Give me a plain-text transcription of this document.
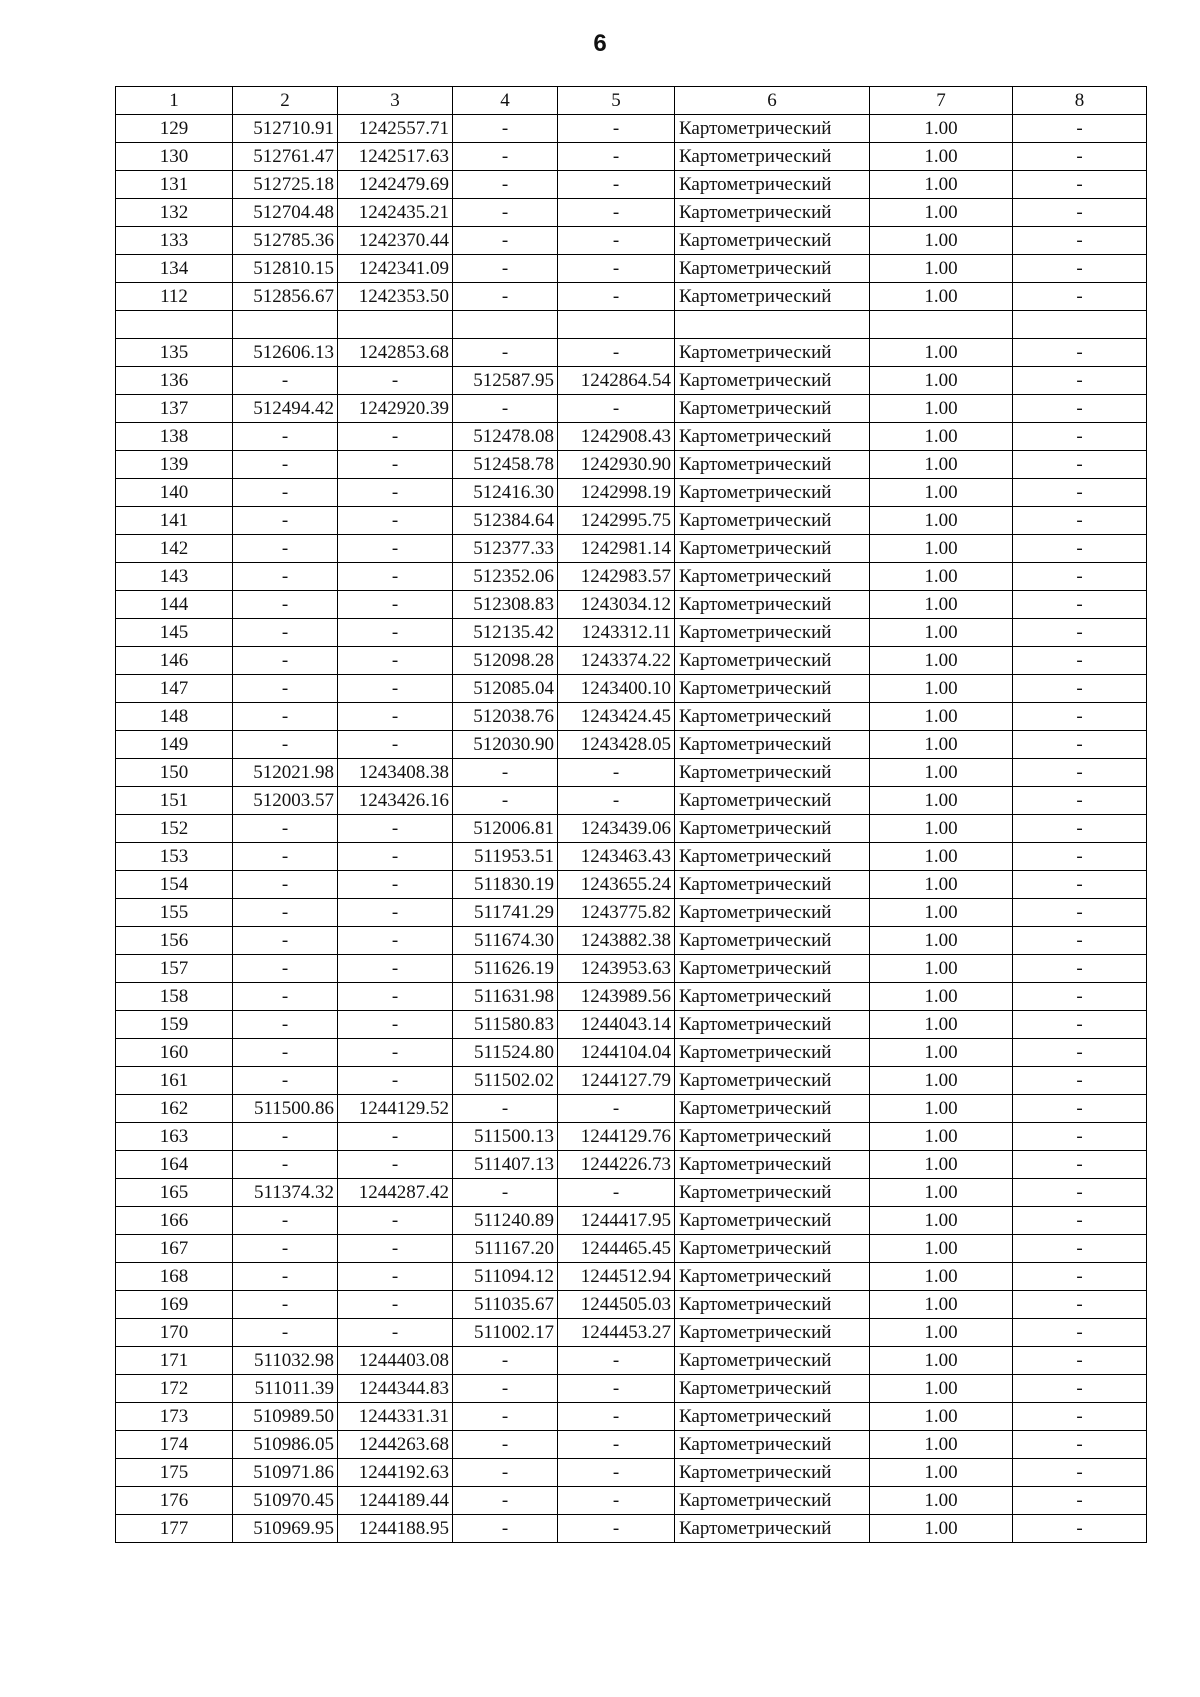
6
1	2	3	4	5	6	7	8
129	512710.91	1242557.71	-	-	Картометрический	1.00	-
130	512761.47	1242517.63	-	-	Картометрический	1.00	-
131	512725.18	1242479.69	-	-	Картометрический	1.00	-
132	512704.48	1242435.21	-	-	Картометрический	1.00	-
133	512785.36	1242370.44	-	-	Картометрический	1.00	-
134	512810.15	1242341.09	-	-	Картометрический	1.00	-
112	512856.67	1242353.50	-	-	Картометрический	1.00	-

135	512606.13	1242853.68	-	-	Картометрический	1.00	-
136	-	-	512587.95	1242864.54	Картометрический	1.00	-
137	512494.42	1242920.39	-	-	Картометрический	1.00	-
138	-	-	512478.08	1242908.43	Картометрический	1.00	-
139	-	-	512458.78	1242930.90	Картометрический	1.00	-
140	-	-	512416.30	1242998.19	Картометрический	1.00	-
141	-	-	512384.64	1242995.75	Картометрический	1.00	-
142	-	-	512377.33	1242981.14	Картометрический	1.00	-
143	-	-	512352.06	1242983.57	Картометрический	1.00	-
144	-	-	512308.83	1243034.12	Картометрический	1.00	-
145	-	-	512135.42	1243312.11	Картометрический	1.00	-
146	-	-	512098.28	1243374.22	Картометрический	1.00	-
147	-	-	512085.04	1243400.10	Картометрический	1.00	-
148	-	-	512038.76	1243424.45	Картометрический	1.00	-
149	-	-	512030.90	1243428.05	Картометрический	1.00	-
150	512021.98	1243408.38	-	-	Картометрический	1.00	-
151	512003.57	1243426.16	-	-	Картометрический	1.00	-
152	-	-	512006.81	1243439.06	Картометрический	1.00	-
153	-	-	511953.51	1243463.43	Картометрический	1.00	-
154	-	-	511830.19	1243655.24	Картометрический	1.00	-
155	-	-	511741.29	1243775.82	Картометрический	1.00	-
156	-	-	511674.30	1243882.38	Картометрический	1.00	-
157	-	-	511626.19	1243953.63	Картометрический	1.00	-
158	-	-	511631.98	1243989.56	Картометрический	1.00	-
159	-	-	511580.83	1244043.14	Картометрический	1.00	-
160	-	-	511524.80	1244104.04	Картометрический	1.00	-
161	-	-	511502.02	1244127.79	Картометрический	1.00	-
162	511500.86	1244129.52	-	-	Картометрический	1.00	-
163	-	-	511500.13	1244129.76	Картометрический	1.00	-
164	-	-	511407.13	1244226.73	Картометрический	1.00	-
165	511374.32	1244287.42	-	-	Картометрический	1.00	-
166	-	-	511240.89	1244417.95	Картометрический	1.00	-
167	-	-	511167.20	1244465.45	Картометрический	1.00	-
168	-	-	511094.12	1244512.94	Картометрический	1.00	-
169	-	-	511035.67	1244505.03	Картометрический	1.00	-
170	-	-	511002.17	1244453.27	Картометрический	1.00	-
171	511032.98	1244403.08	-	-	Картометрический	1.00	-
172	511011.39	1244344.83	-	-	Картометрический	1.00	-
173	510989.50	1244331.31	-	-	Картометрический	1.00	-
174	510986.05	1244263.68	-	-	Картометрический	1.00	-
175	510971.86	1244192.63	-	-	Картометрический	1.00	-
176	510970.45	1244189.44	-	-	Картометрический	1.00	-
177	510969.95	1244188.95	-	-	Картометрический	1.00	-
